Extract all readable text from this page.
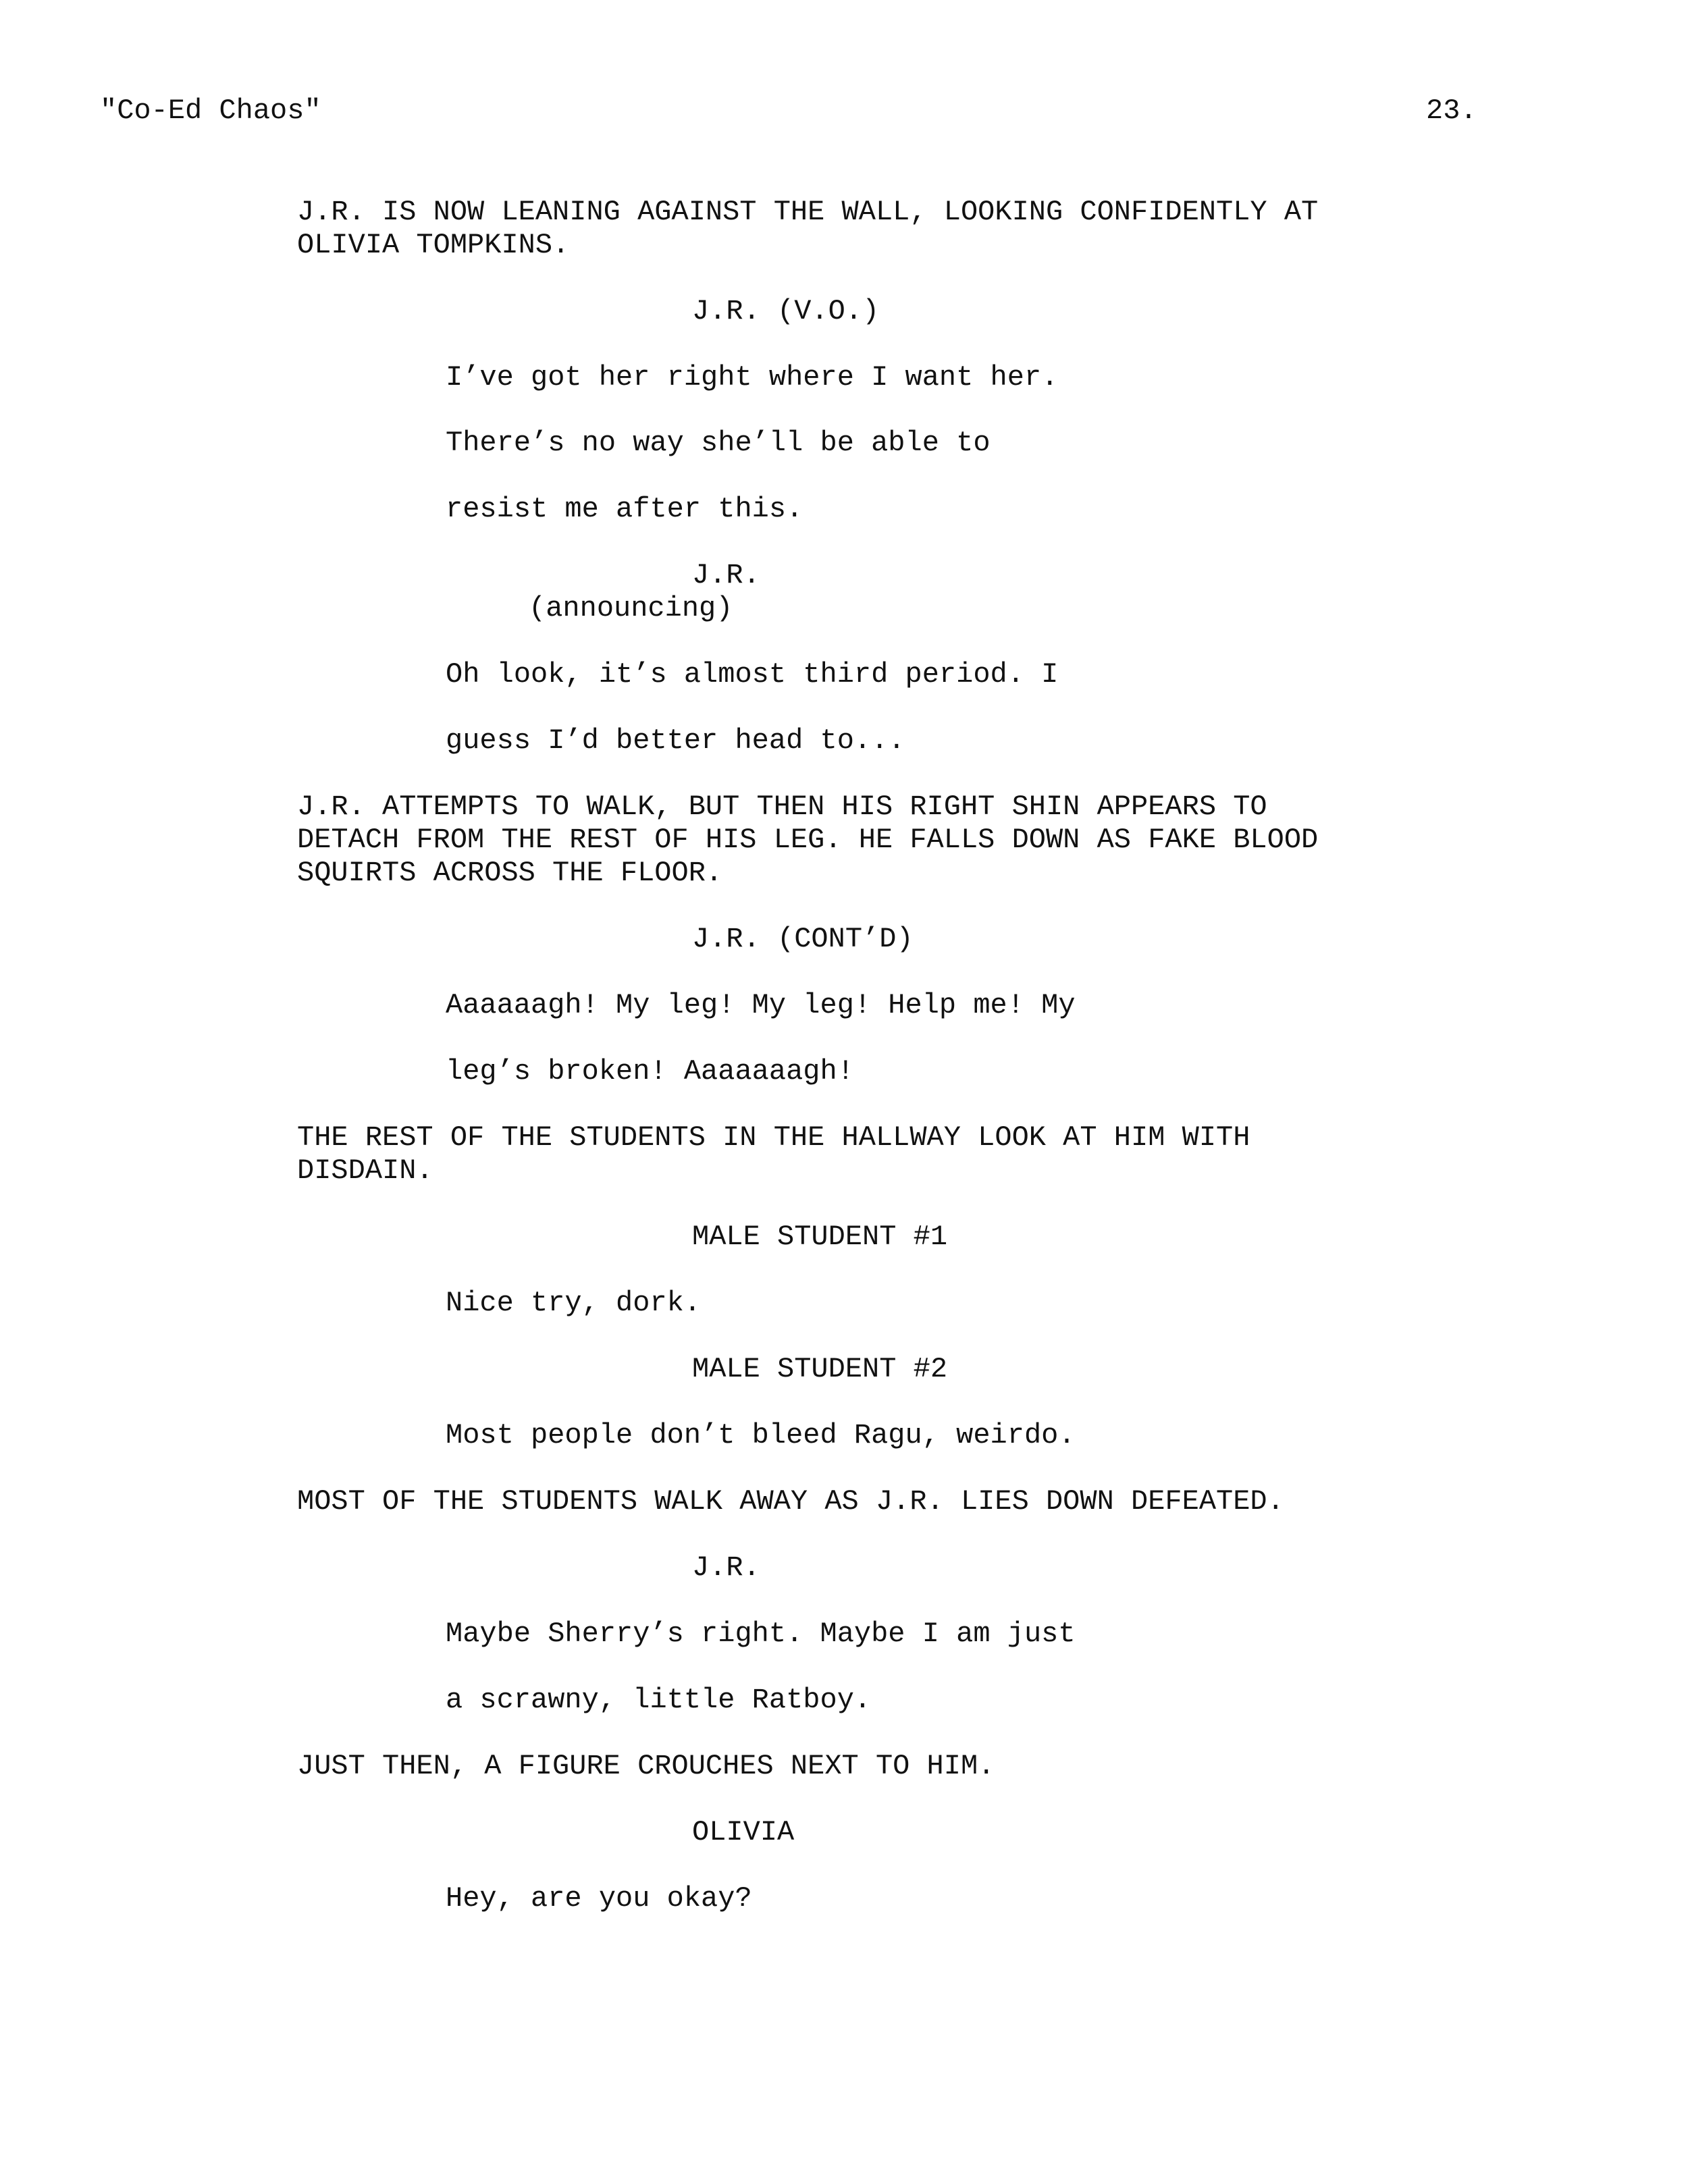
"Co-Ed Chaos"	23.
J.R. IS NOW LEANING AGAINST THE WALL, LOOKING CONFIDENTLY AT
OLIVIA TOMPKINS.
J.R. (V.O.)
I’ve got her right where I want her.
There’s no way she’ll be able to
resist me after this.
J.R.
(announcing)
Oh look, it’s almost third period. I
guess I’d better head to...
J.R. ATTEMPTS TO WALK, BUT THEN HIS RIGHT SHIN APPEARS TO
DETACH FROM THE REST OF HIS LEG. HE FALLS DOWN AS FAKE BLOOD
SQUIRTS ACROSS THE FLOOR.
J.R. (CONT’D)
Aaaaaagh! My leg! My leg! Help me! My
leg’s broken! Aaaaaaagh!
THE REST OF THE STUDENTS IN THE HALLWAY LOOK AT HIM WITH
DISDAIN.
MALE STUDENT #1
Nice try, dork.
MALE STUDENT #2
Most people don’t bleed Ragu, weirdo.
MOST OF THE STUDENTS WALK AWAY AS J.R. LIES DOWN DEFEATED.
J.R.
Maybe Sherry’s right. Maybe I am just
a scrawny, little Ratboy.
JUST THEN, A FIGURE CROUCHES NEXT TO HIM.
OLIVIA
Hey, are you okay?
